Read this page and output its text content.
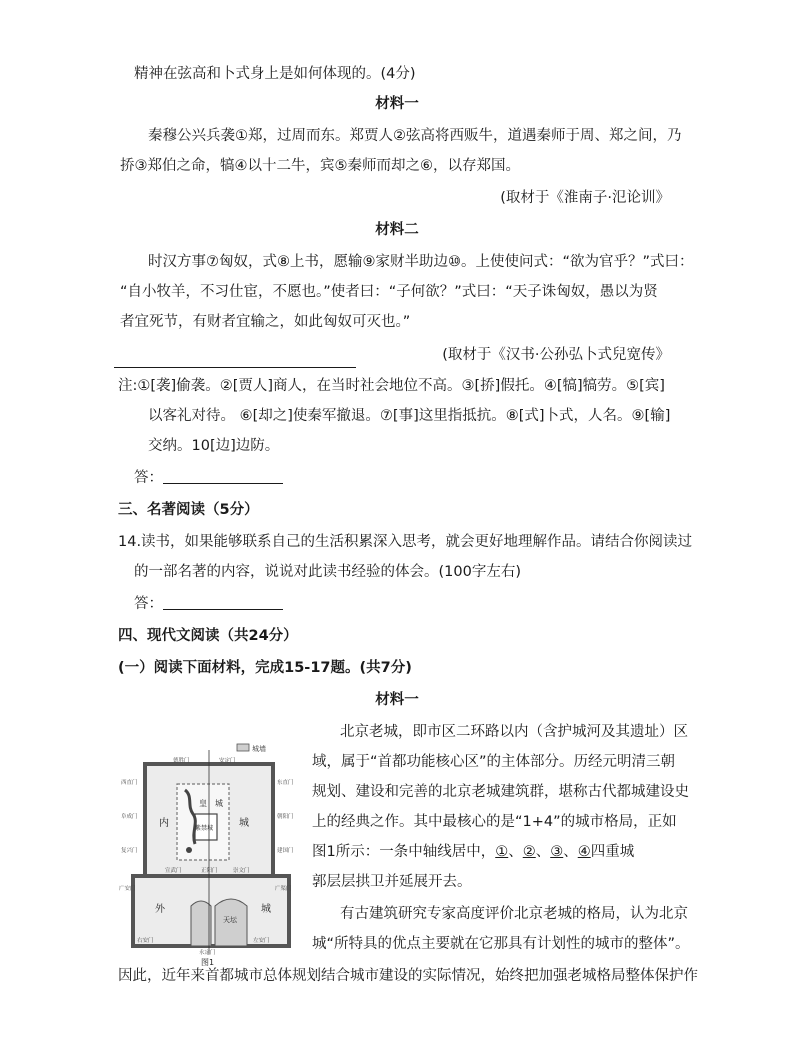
精神在弦高和卜式身上是如何体现的。(4分)
材料一
秦穆公兴兵袭①郑，过周而东。郑贾人②弦高将西贩牛，道遇秦师于周、郑之间，乃
挢③郑伯之命，犒④以十二牛，宾⑤秦师而却之⑥，以存郑国。
(取材于《淮南子·氾论训》
材料二
时汉方事⑦匈奴，式⑧上书，愿输⑨家财半助边⑩。上使使问式：“欲为官乎？”式曰：
“自小牧羊，不习仕宦，不愿也。”使者曰：“子何欲？”式曰：“天子诛匈奴，愚以为贤
者宜死节，有财者宜输之，如此匈奴可灭也。”
(取材于《汉书·公孙弘卜式兒宽传》
注:①[袭]偷袭。②[贾人]商人，在当时社会地位不高。③[挢]假托。④[犒]犒劳。⑤[宾]
以客礼对待。 ⑥[却之]使秦军撤退。⑦[事]这里指抵抗。⑧[式]卜式，人名。⑨[输]
交纳。10[边]边防。
答：
三、名著阅读（5分）
14.读书，如果能够联系自己的生活积累深入思考，就会更好地理解作品。请结合你阅读过
的一部名著的内容，说说对此读书经验的体会。(100字左右)
答：
四、现代文阅读（共24分）
(一）阅读下面材料，完成15-17题。(共7分)
材料一
北京老城，即市区二环路以内（含护城河及其遗址）区
域，属于“首都功能核心区”的主体部分。历经元明清三朝
规划、建设和完善的北京老城建筑群，堪称古代都城建设史
上的经典之作。其中最核心的是“1+4”的城市格局，正如
图1所示：一条中轴线居中，①、②、③、④四重城
郭层层拱卫并延展开去。
有古建筑研究专家高度评价北京老城的格局，认为北京
城“所特具的优点主要就在它那具有计划性的城市的整体”。
因此，近年来首都城市总体规划结合城市建设的实际情况，始终把加强老城格局整体保护作
城墙
内	城
皇 城
紫禁城
外	城
天坛
德胜门	安定门
西直门	东直门
阜成门	朝阳门
复兴门	建国门
宣武门	正阳门	崇文门
广安门	广渠门
右安门
永定门
左安门
图1
